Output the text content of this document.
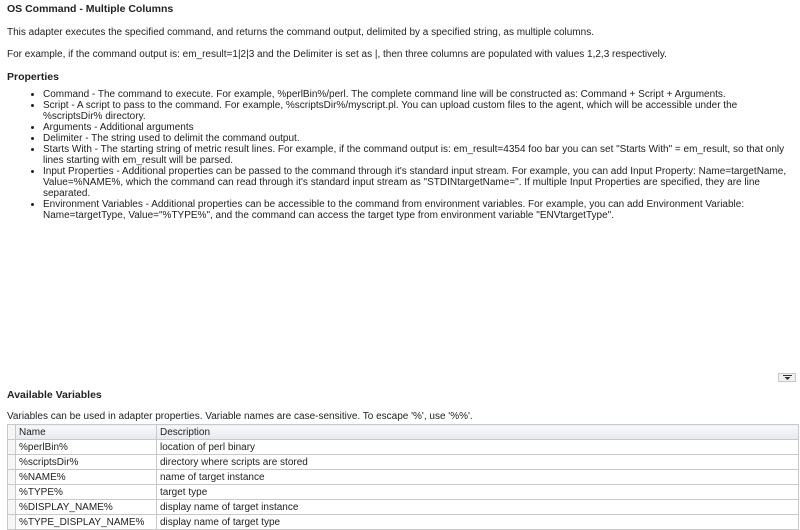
OS Command - Multiple Columns
This adapter executes the specified command, and returns the command output, delimited by a specified string, as multiple columns.
For example, if the command output is: em_result=1|2|3 and the Delimiter is set as |, then three columns are populated with values 1,2,3 respectively.
Properties
• Command - The command to execute. For example, %perlBin%/perl. The complete command line will be constructed as: Command + Script + Arguments.
• Script - A script to pass to the command. For example, %scriptsDir%/myscript.pl. You can upload custom files to the agent, which will be accessible under the %scriptsDir% directory.
• Arguments - Additional arguments
• Delimiter - The string used to delimit the command output.
• Starts With - The starting string of metric result lines. For example, if the command output is: em_result=4354 foo bar you can set "Starts With" = em_result, so that only lines starting with em_result will be parsed.
• Input Properties - Additional properties can be passed to the command through it's standard input stream. For example, you can add Input Property: Name=targetName, Value=%NAME%, which the command can read through it's standard input stream as "STDINtargetName=". If multiple Input Properties are specified, they are line separated.
• Environment Variables - Additional properties can be accessible to the command from environment variables. For example, you can add Environment Variable: Name=targetType, Value="%TYPE%", and the command can access the target type from environment variable "ENVtargetType".
Available Variables
Variables can be used in adapter properties. Variable names are case-sensitive. To escape '%', use '%%'.
	Name	Description
	%perlBin%	location of perl binary
	%scriptsDir%	directory where scripts are stored
	%NAME%	name of target instance
	%TYPE%	target type
	%DISPLAY_NAME%	display name of target instance
	%TYPE_DISPLAY_NAME%	display name of target type
